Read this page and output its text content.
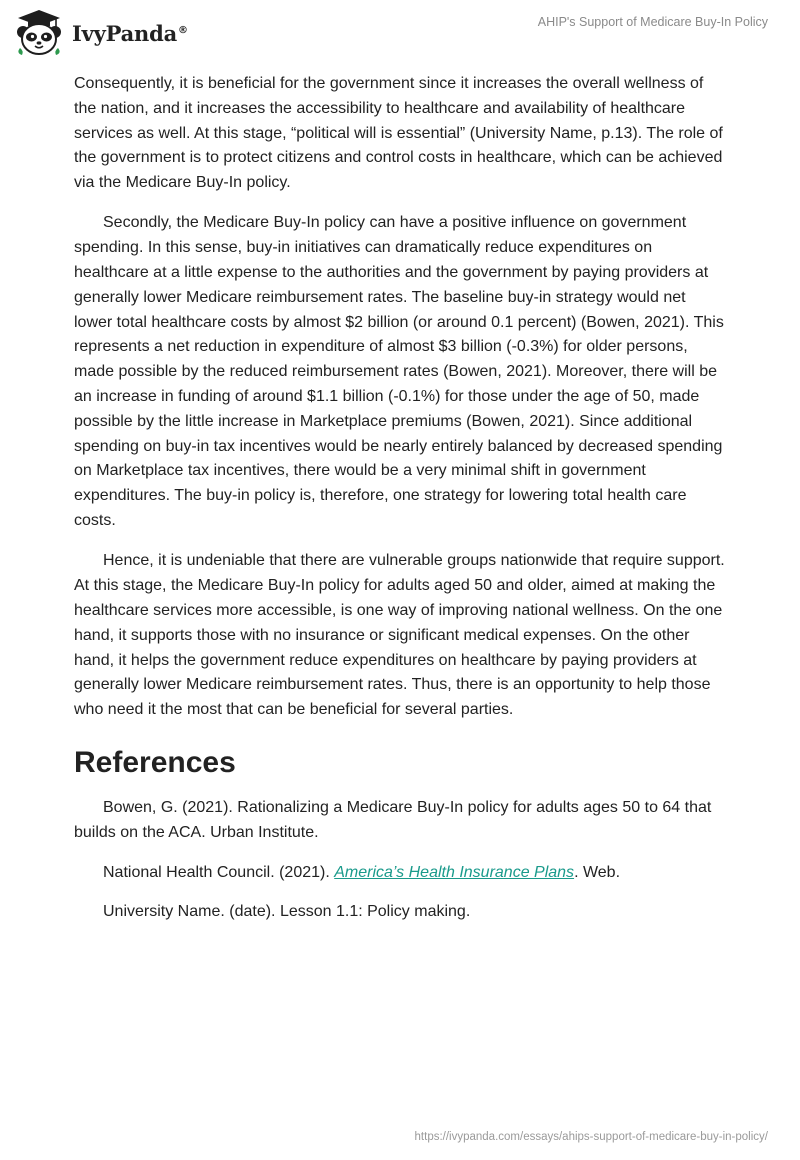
IvyPanda®
AHIP's Support of Medicare Buy-In Policy

Consequently, it is beneficial for the government since it increases the overall wellness of the nation, and it increases the accessibility to healthcare and availability of healthcare services as well. At this stage, “political will is essential” (University Name, p.13). The role of the government is to protect citizens and control costs in healthcare, which can be achieved via the Medicare Buy-In policy.

Secondly, the Medicare Buy-In policy can have a positive influence on government spending. In this sense, buy-in initiatives can dramatically reduce expenditures on healthcare at a little expense to the authorities and the government by paying providers at generally lower Medicare reimbursement rates. The baseline buy-in strategy would net lower total healthcare costs by almost $2 billion (or around 0.1 percent) (Bowen, 2021). This represents a net reduction in expenditure of almost $3 billion (-0.3%) for older persons, made possible by the reduced reimbursement rates (Bowen, 2021). Moreover, there will be an increase in funding of around $1.1 billion (-0.1%) for those under the age of 50, made possible by the little increase in Marketplace premiums (Bowen, 2021). Since additional spending on buy-in tax incentives would be nearly entirely balanced by decreased spending on Marketplace tax incentives, there would be a very minimal shift in government expenditures. The buy-in policy is, therefore, one strategy for lowering total health care costs.

Hence, it is undeniable that there are vulnerable groups nationwide that require support. At this stage, the Medicare Buy-In policy for adults aged 50 and older, aimed at making the healthcare services more accessible, is one way of improving national wellness. On the one hand, it supports those with no insurance or significant medical expenses. On the other hand, it helps the government reduce expenditures on healthcare by paying providers at generally lower Medicare reimbursement rates. Thus, there is an opportunity to help those who need it the most that can be beneficial for several parties.

References

Bowen, G. (2021). Rationalizing a Medicare Buy-In policy for adults ages 50 to 64 that builds on the ACA. Urban Institute.

National Health Council. (2021). America’s Health Insurance Plans. Web.

University Name. (date). Lesson 1.1: Policy making.

https://ivypanda.com/essays/ahips-support-of-medicare-buy-in-policy/
